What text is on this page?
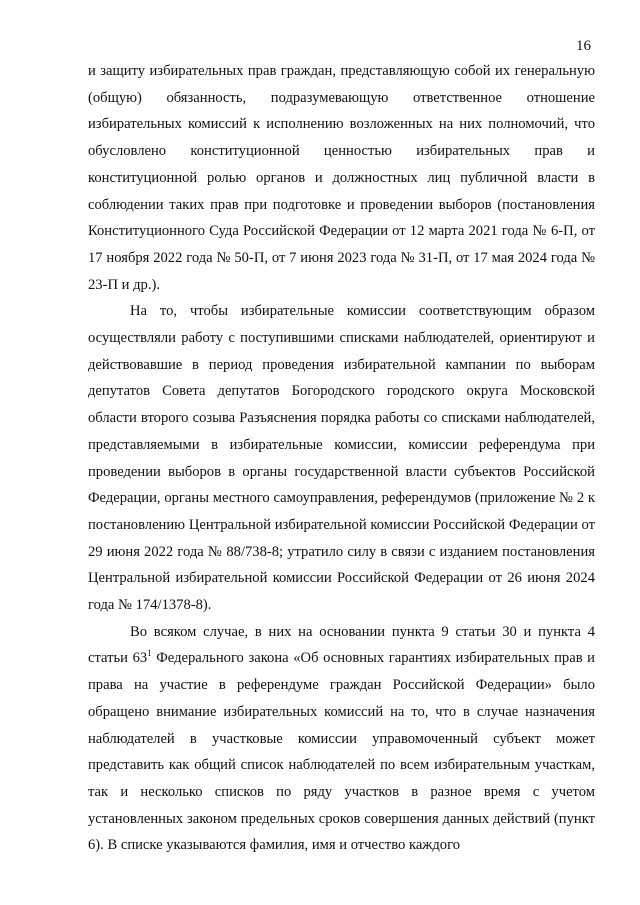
16

и защиту избирательных прав граждан, представляющую собой их генеральную (общую) обязанность, подразумевающую ответственное отношение избирательных комиссий к исполнению возложенных на них полномочий, что обусловлено конституционной ценностью избирательных прав и конституционной ролью органов и должностных лиц публичной власти в соблюдении таких прав при подготовке и проведении выборов (постановления Конституционного Суда Российской Федерации от 12 марта 2021 года № 6-П, от 17 ноября 2022 года № 50-П, от 7 июня 2023 года № 31-П, от 17 мая 2024 года № 23-П и др.).

На то, чтобы избирательные комиссии соответствующим образом осуществляли работу с поступившими списками наблюдателей, ориентируют и действовавшие в период проведения избирательной кампании по выборам депутатов Совета депутатов Богородского городского округа Московской области второго созыва Разъяснения порядка работы со списками наблюдателей, представляемыми в избирательные комиссии, комиссии референдума при проведении выборов в органы государственной власти субъектов Российской Федерации, органы местного самоуправления, референдумов (приложение № 2 к постановлению Центральной избирательной комиссии Российской Федерации от 29 июня 2022 года № 88/738-8; утратило силу в связи с изданием постановления Центральной избирательной комиссии Российской Федерации от 26 июня 2024 года № 174/1378-8).

Во всяком случае, в них на основании пункта 9 статьи 30 и пункта 4 статьи $63^1$ Федерального закона «Об основных гарантиях избирательных прав и права на участие в референдуме граждан Российской Федерации» было обращено внимание избирательных комиссий на то, что в случае назначения наблюдателей в участковые комиссии управомоченный субъект может представить как общий список наблюдателей по всем избирательным участкам, так и несколько списков по ряду участков в разное время с учетом установленных законом предельных сроков совершения данных действий (пункт 6). В списке указываются фамилия, имя и отчество каждого
